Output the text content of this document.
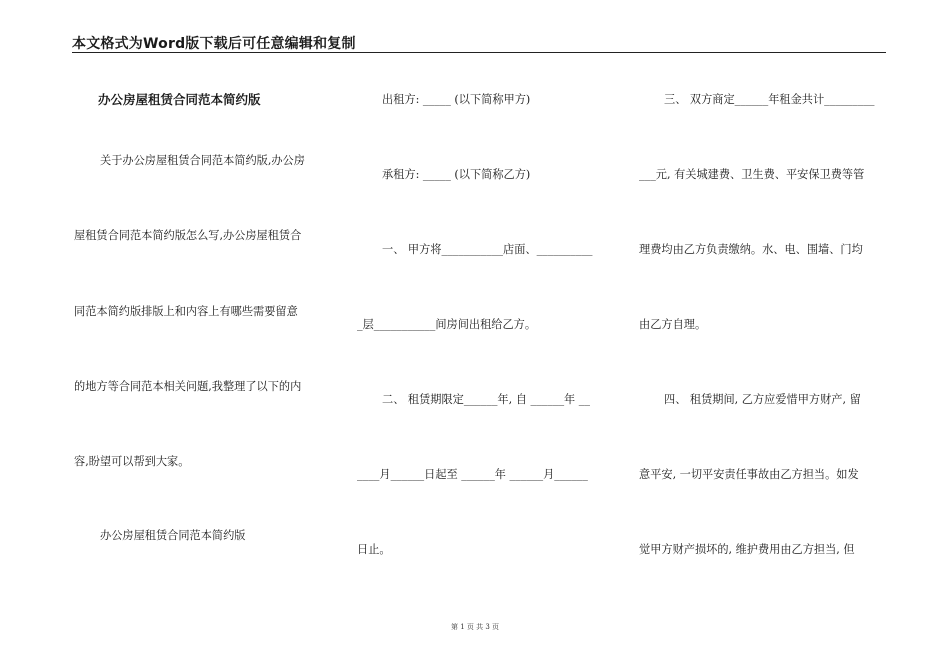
本文格式为Word版下载后可任意编辑和复制
办公房屋租赁合同范本简约版
关于办公房屋租赁合同范本简约版,办公房
屋租赁合同范本简约版怎么写,办公房屋租赁合
同范本简约版排版上和内容上有哪些需要留意
的地方等合同范本相关问题,我整理了以下的内
容,盼望可以帮到大家。
办公房屋租赁合同范本简约版
出租方: _____ (以下简称甲方)
承租方: _____ (以下简称乙方)
一、 甲方将___________店面、__________
_层___________间房间出租给乙方。
二、 租赁期限定______年, 自 ______年 __
____月______日起至 ______年 ______月______
日止。
三、 双方商定______年租金共计_________
___元, 有关城建费、卫生费、平安保卫费等管
理费均由乙方负责缴纳。水、电、围墙、门均
由乙方自理。
四、 租赁期间, 乙方应爱惜甲方财产, 留
意平安, 一切平安责任事故由乙方担当。如发
觉甲方财产损坏的, 维护费用由乙方担当, 但
第 1 页 共 3 页
